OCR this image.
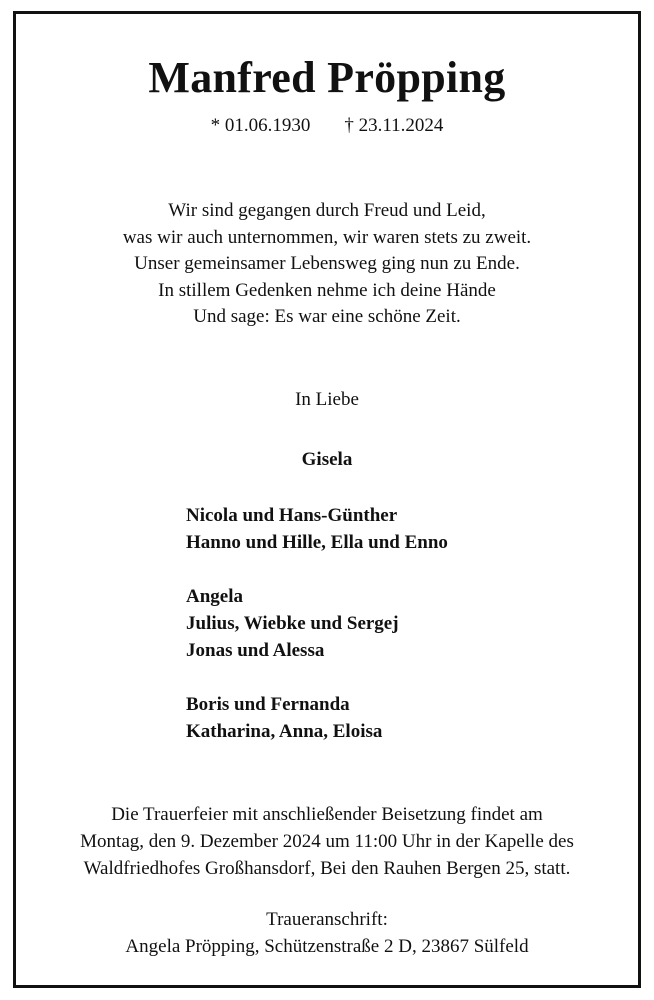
Manfred Pröpping
* 01.06.1930 † 23.11.2024
Wir sind gegangen durch Freud und Leid,
was wir auch unternommen, wir waren stets zu zweit.
Unser gemeinsamer Lebensweg ging nun zu Ende.
In stillem Gedenken nehme ich deine Hände
Und sage: Es war eine schöne Zeit.
In Liebe
Gisela
Nicola und Hans-Günther
Hanno und Hille, Ella und Enno
Angela
Julius, Wiebke und Sergej
Jonas und Alessa
Boris und Fernanda
Katharina, Anna, Eloisa
Die Trauerfeier mit anschließender Beisetzung findet am
Montag, den 9. Dezember 2024 um 11:00 Uhr in der Kapelle des
Waldfriedhofes Großhansdorf, Bei den Rauhen Bergen 25, statt.
Traueranschrift:
Angela Pröpping, Schützenstraße 2 D, 23867 Sülfeld
